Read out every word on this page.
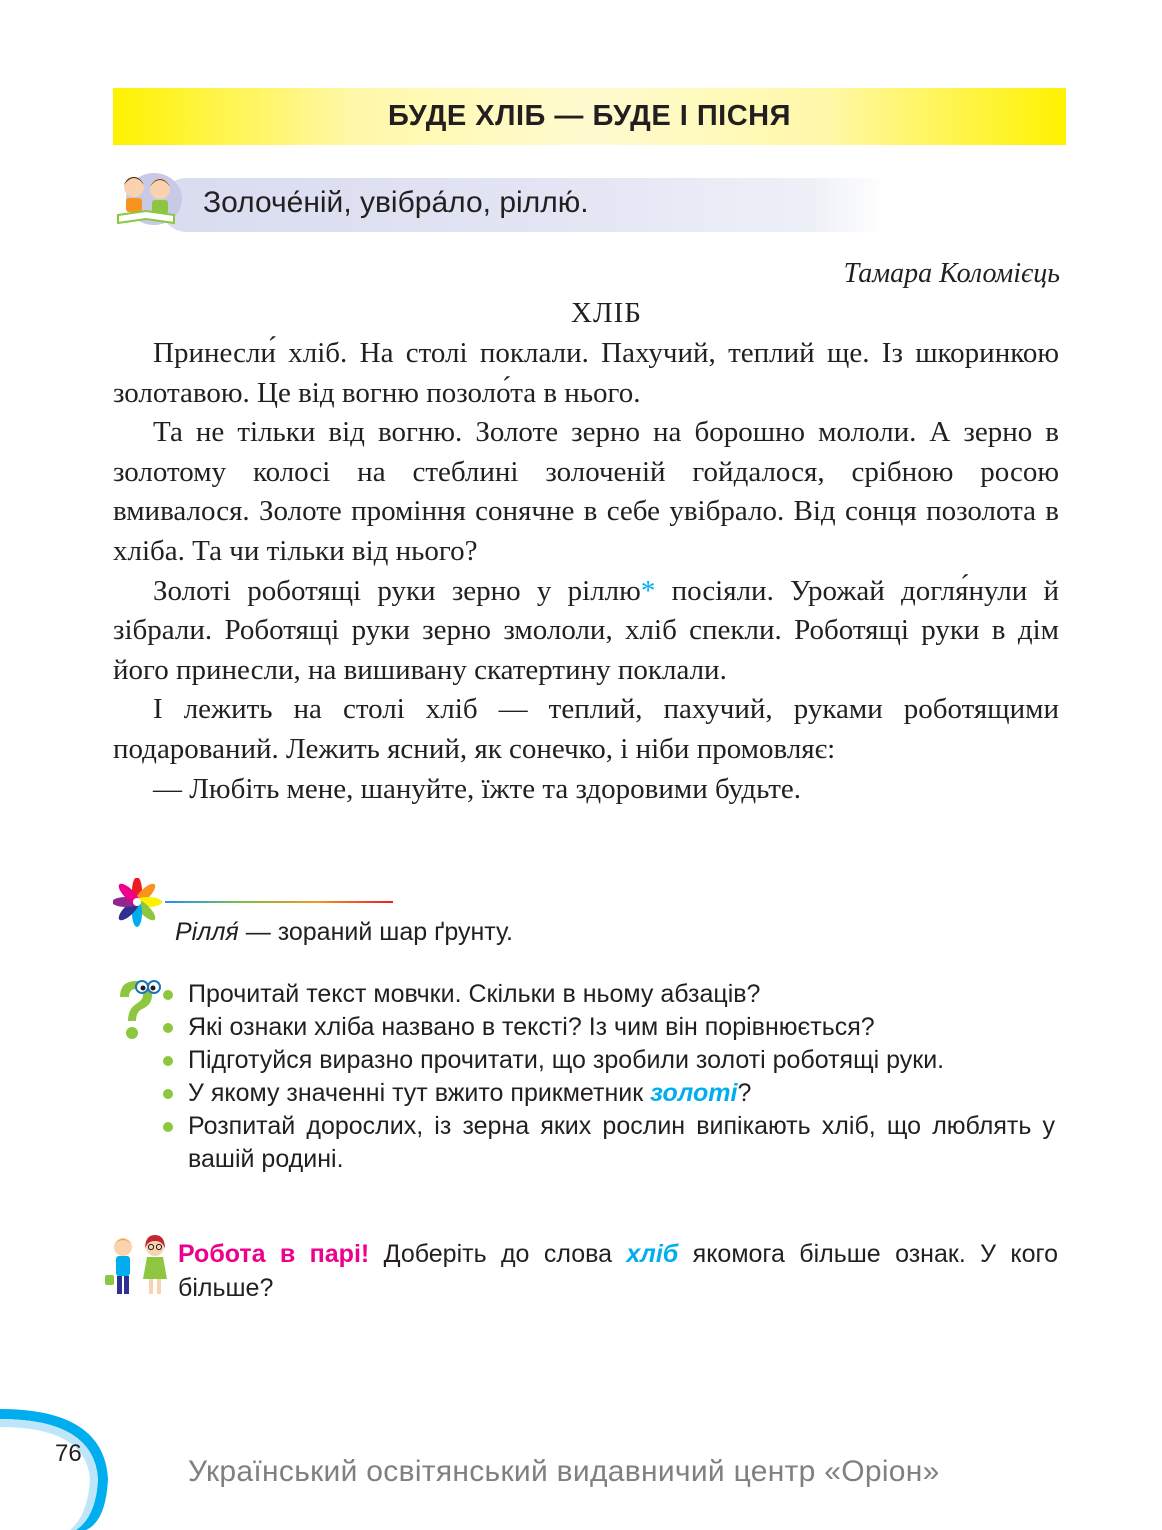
БУДЕ ХЛІБ — БУДЕ І ПІСНЯ
Золоче́ній, увібра́ло, ріллю́.
Тамара Коломієць
ХЛІБ

Принесли́ хліб. На столі поклали. Пахучий, теплий ще. Із шкоринкою золотавою. Це від вогню позоло́та в нього.

Та не тільки від вогню. Золоте зерно на борошно мололи. А зерно в золотому колосі на стеблині золоченій гойдалося, срібною росою вмивалося. Золоте проміння сонячне в себе увібрало. Від сонця позолота в хліба. Та чи тільки від нього?

Золоті роботящі руки зерно у ріллю* посіяли. Урожай догля́нули й зібрали. Роботящі руки зерно змололи, хліб спекли. Роботящі руки в дім його принесли, на вишивану скатертину поклали.

І лежить на столі хліб — теплий, пахучий, руками роботящими подарований. Лежить ясний, як сонечко, і ніби промовляє:

— Любіть мене, шануйте, їжте та здоровими будьте.

Рілля́ — зораний шар ґрунту.
Прочитай текст мовчки. Скільки в ньому абзаців?
Які ознаки хліба названо в тексті? Із чим він порівнюється?
Підготуйся виразно прочитати, що зробили золоті роботящі руки.
У якому значенні тут вжито прикметник золоті?
Розпитай дорослих, із зерна яких рослин випікають хліб, що люблять у вашій родині.
Робота в парі! Доберіть до слова хліб якомога більше ознак. У кого більше?
76
Український освітянський видавничий центр «Оріон»
